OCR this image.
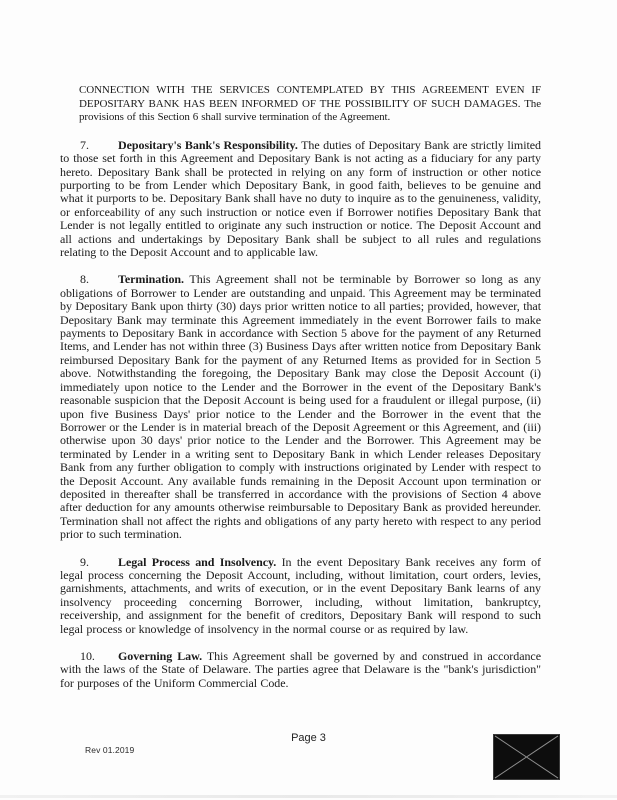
CONNECTION WITH THE SERVICES CONTEMPLATED BY THIS AGREEMENT EVEN IF DEPOSITARY BANK HAS BEEN INFORMED OF THE POSSIBILITY OF SUCH DAMAGES. The provisions of this Section 6 shall survive termination of the Agreement.

7. Depositary's Bank's Responsibility. The duties of Depositary Bank are strictly limited to those set forth in this Agreement and Depositary Bank is not acting as a fiduciary for any party hereto. Depositary Bank shall be protected in relying on any form of instruction or other notice purporting to be from Lender which Depositary Bank, in good faith, believes to be genuine and what it purports to be. Depositary Bank shall have no duty to inquire as to the genuineness, validity, or enforceability of any such instruction or notice even if Borrower notifies Depositary Bank that Lender is not legally entitled to originate any such instruction or notice. The Deposit Account and all actions and undertakings by Depositary Bank shall be subject to all rules and regulations relating to the Deposit Account and to applicable law.

8. Termination. This Agreement shall not be terminable by Borrower so long as any obligations of Borrower to Lender are outstanding and unpaid. This Agreement may be terminated by Depositary Bank upon thirty (30) days prior written notice to all parties; provided, however, that Depositary Bank may terminate this Agreement immediately in the event Borrower fails to make payments to Depositary Bank in accordance with Section 5 above for the payment of any Returned Items, and Lender has not within three (3) Business Days after written notice from Depositary Bank reimbursed Depositary Bank for the payment of any Returned Items as provided for in Section 5 above. Notwithstanding the foregoing, the Depositary Bank may close the Deposit Account (i) immediately upon notice to the Lender and the Borrower in the event of the Depositary Bank's reasonable suspicion that the Deposit Account is being used for a fraudulent or illegal purpose, (ii) upon five Business Days' prior notice to the Lender and the Borrower in the event that the Borrower or the Lender is in material breach of the Deposit Agreement or this Agreement, and (iii) otherwise upon 30 days' prior notice to the Lender and the Borrower. This Agreement may be terminated by Lender in a writing sent to Depositary Bank in which Lender releases Depositary Bank from any further obligation to comply with instructions originated by Lender with respect to the Deposit Account. Any available funds remaining in the Deposit Account upon termination or deposited in thereafter shall be transferred in accordance with the provisions of Section 4 above after deduction for any amounts otherwise reimbursable to Depositary Bank as provided hereunder. Termination shall not affect the rights and obligations of any party hereto with respect to any period prior to such termination.

9. Legal Process and Insolvency. In the event Depositary Bank receives any form of legal process concerning the Deposit Account, including, without limitation, court orders, levies, garnishments, attachments, and writs of execution, or in the event Depositary Bank learns of any insolvency proceeding concerning Borrower, including, without limitation, bankruptcy, receivership, and assignment for the benefit of creditors, Depositary Bank will respond to such legal process or knowledge of insolvency in the normal course or as required by law.

10. Governing Law. This Agreement shall be governed by and construed in accordance with the laws of the State of Delaware. The parties agree that Delaware is the "bank's jurisdiction" for purposes of the Uniform Commercial Code.

Page 3
Rev 01.2019
